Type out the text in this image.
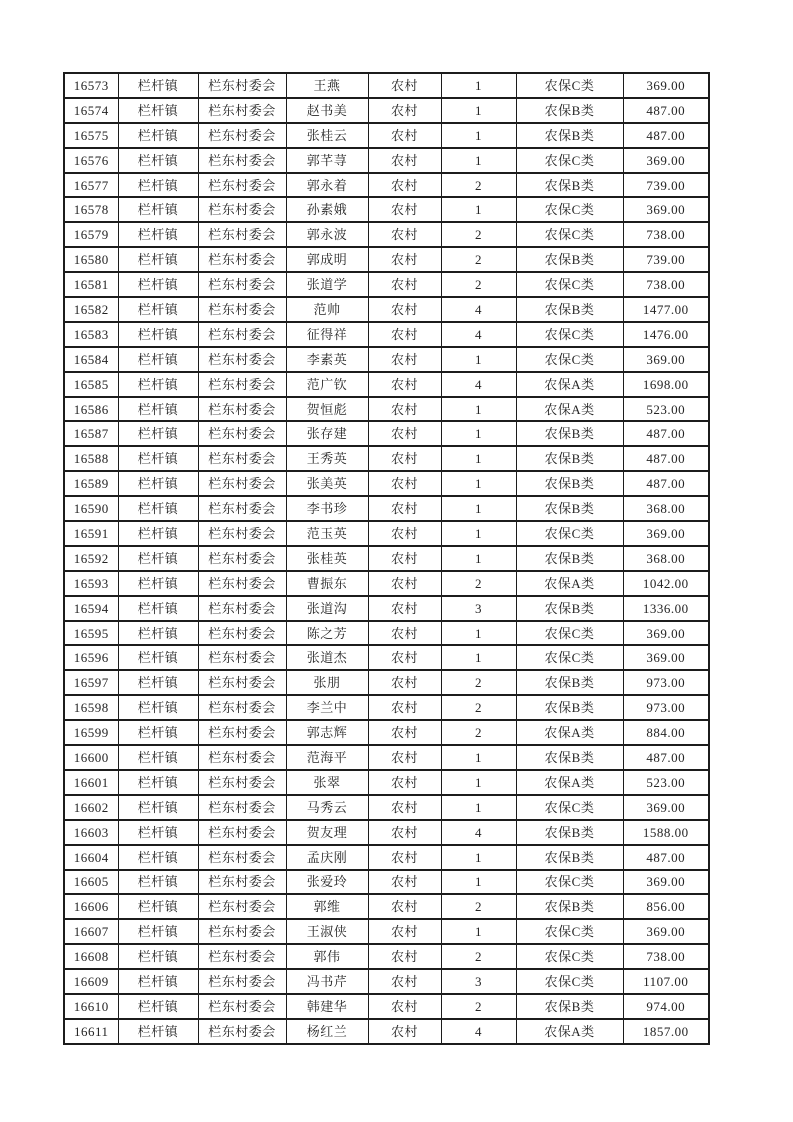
16573	栏杆镇	栏东村委会	王燕	农村	1	农保C类	369.00
16574	栏杆镇	栏东村委会	赵书美	农村	1	农保B类	487.00
16575	栏杆镇	栏东村委会	张桂云	农村	1	农保B类	487.00
16576	栏杆镇	栏东村委会	郭芊荨	农村	1	农保C类	369.00
16577	栏杆镇	栏东村委会	郭永着	农村	2	农保B类	739.00
16578	栏杆镇	栏东村委会	孙素娥	农村	1	农保C类	369.00
16579	栏杆镇	栏东村委会	郭永波	农村	2	农保C类	738.00
16580	栏杆镇	栏东村委会	郭成明	农村	2	农保B类	739.00
16581	栏杆镇	栏东村委会	张道学	农村	2	农保C类	738.00
16582	栏杆镇	栏东村委会	范帅	农村	4	农保B类	1477.00
16583	栏杆镇	栏东村委会	征得祥	农村	4	农保C类	1476.00
16584	栏杆镇	栏东村委会	李素英	农村	1	农保C类	369.00
16585	栏杆镇	栏东村委会	范广钦	农村	4	农保A类	1698.00
16586	栏杆镇	栏东村委会	贺恒彪	农村	1	农保A类	523.00
16587	栏杆镇	栏东村委会	张存建	农村	1	农保B类	487.00
16588	栏杆镇	栏东村委会	王秀英	农村	1	农保B类	487.00
16589	栏杆镇	栏东村委会	张美英	农村	1	农保B类	487.00
16590	栏杆镇	栏东村委会	李书珍	农村	1	农保B类	368.00
16591	栏杆镇	栏东村委会	范玉英	农村	1	农保C类	369.00
16592	栏杆镇	栏东村委会	张桂英	农村	1	农保B类	368.00
16593	栏杆镇	栏东村委会	曹振东	农村	2	农保A类	1042.00
16594	栏杆镇	栏东村委会	张道沟	农村	3	农保B类	1336.00
16595	栏杆镇	栏东村委会	陈之芳	农村	1	农保C类	369.00
16596	栏杆镇	栏东村委会	张道杰	农村	1	农保C类	369.00
16597	栏杆镇	栏东村委会	张朋	农村	2	农保B类	973.00
16598	栏杆镇	栏东村委会	李兰中	农村	2	农保B类	973.00
16599	栏杆镇	栏东村委会	郭志辉	农村	2	农保A类	884.00
16600	栏杆镇	栏东村委会	范海平	农村	1	农保B类	487.00
16601	栏杆镇	栏东村委会	张翠	农村	1	农保A类	523.00
16602	栏杆镇	栏东村委会	马秀云	农村	1	农保C类	369.00
16603	栏杆镇	栏东村委会	贺友理	农村	4	农保B类	1588.00
16604	栏杆镇	栏东村委会	孟庆刚	农村	1	农保B类	487.00
16605	栏杆镇	栏东村委会	张爱玲	农村	1	农保C类	369.00
16606	栏杆镇	栏东村委会	郭维	农村	2	农保B类	856.00
16607	栏杆镇	栏东村委会	王淑侠	农村	1	农保C类	369.00
16608	栏杆镇	栏东村委会	郭伟	农村	2	农保C类	738.00
16609	栏杆镇	栏东村委会	冯书芹	农村	3	农保C类	1107.00
16610	栏杆镇	栏东村委会	韩建华	农村	2	农保B类	974.00
16611	栏杆镇	栏东村委会	杨红兰	农村	4	农保A类	1857.00
